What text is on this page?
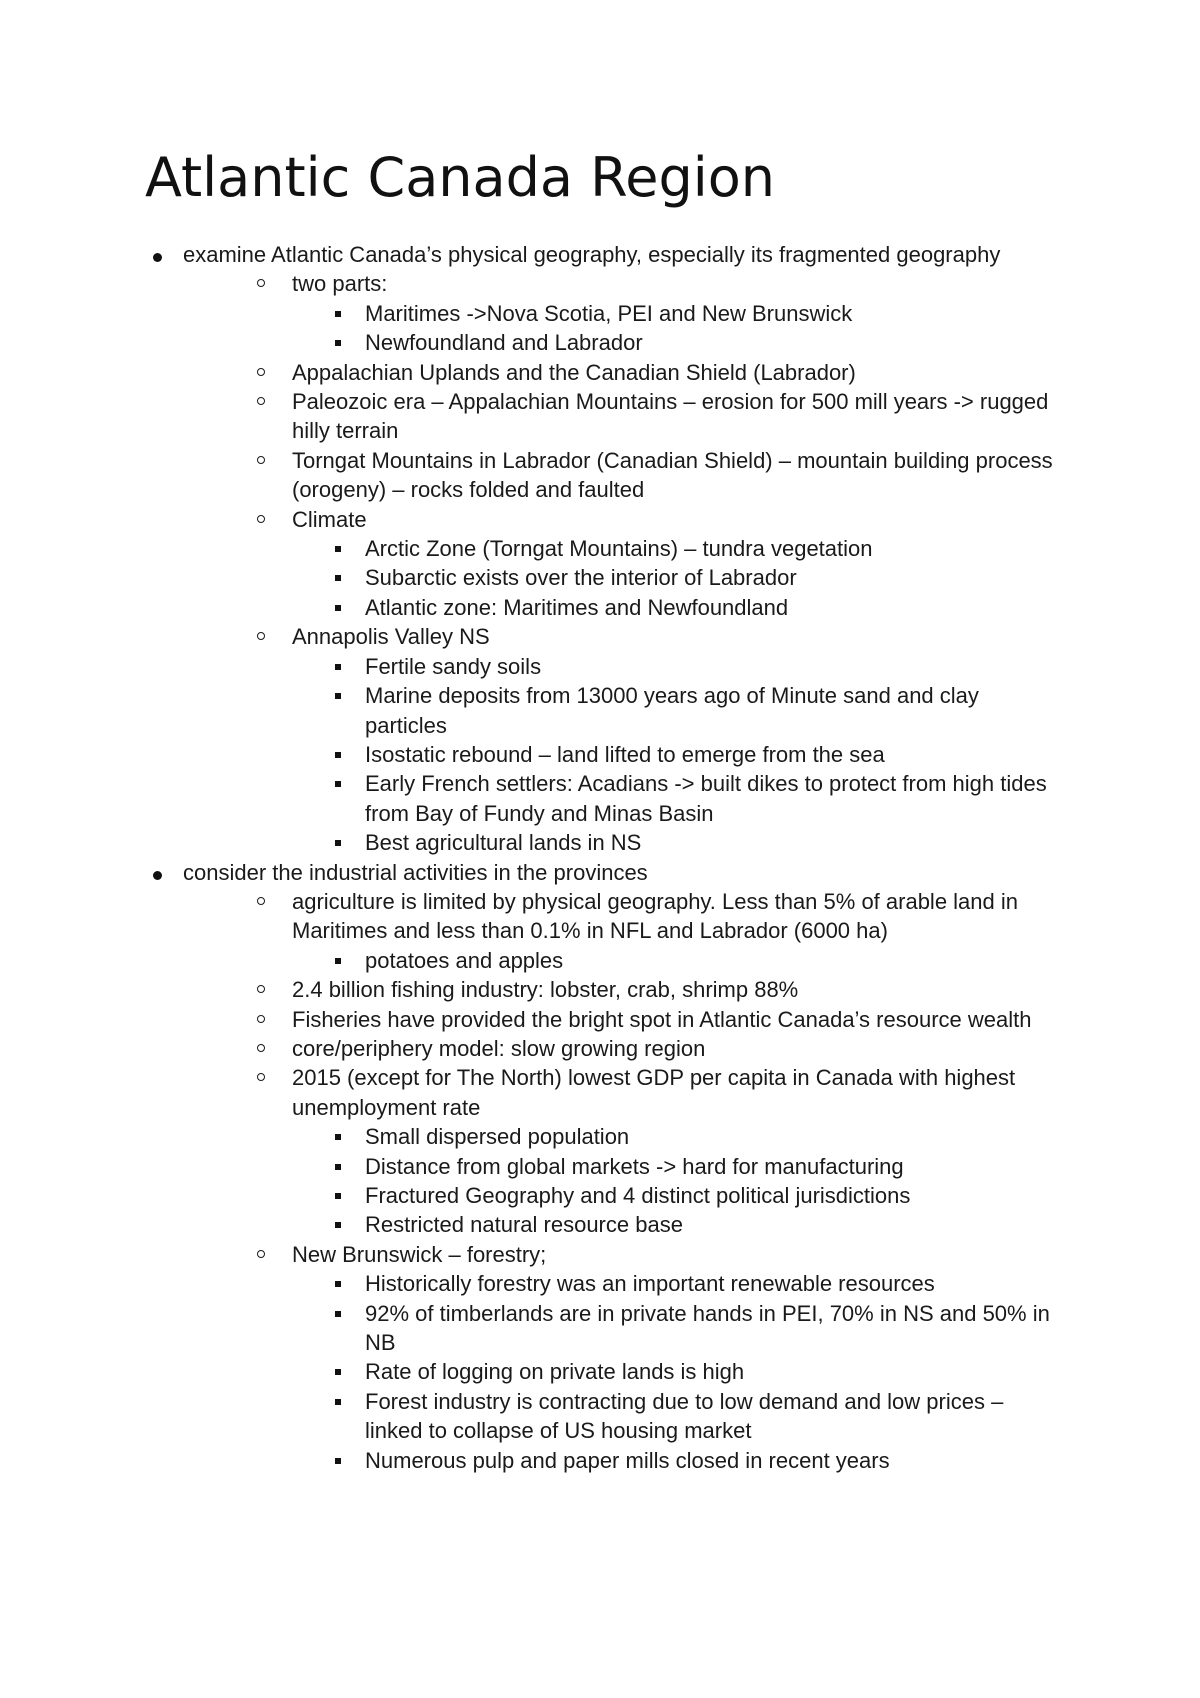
Atlantic Canada Region
examine Atlantic Canada’s physical geography, especially its fragmented geography
two parts:
Maritimes ->Nova Scotia, PEI and New Brunswick
Newfoundland and Labrador
Appalachian Uplands and the Canadian Shield (Labrador)
Paleozoic era – Appalachian Mountains – erosion for 500 mill years -> rugged hilly terrain
Torngat Mountains in Labrador (Canadian Shield) – mountain building process (orogeny) – rocks folded and faulted
Climate
Arctic Zone (Torngat Mountains) – tundra vegetation
Subarctic exists over the interior of Labrador
Atlantic zone: Maritimes and Newfoundland
Annapolis Valley NS
Fertile sandy soils
Marine deposits from 13000 years ago of Minute sand and clay particles
Isostatic rebound – land lifted to emerge from the sea
Early French settlers: Acadians -> built dikes to protect from high tides from Bay of Fundy and Minas Basin
Best agricultural lands in NS
consider the industrial activities in the provinces
agriculture is limited by physical geography. Less than 5% of arable land in Maritimes and less than 0.1% in NFL and Labrador (6000 ha)
potatoes and apples
2.4 billion fishing industry: lobster, crab, shrimp 88%
Fisheries have provided the bright spot in Atlantic Canada’s resource wealth
core/periphery model: slow growing region
2015 (except for The North) lowest GDP per capita in Canada with highest unemployment rate
Small dispersed population
Distance from global markets -> hard for manufacturing
Fractured Geography and 4 distinct political jurisdictions
Restricted natural resource base
New Brunswick – forestry;
Historically forestry was an important renewable resources
92% of timberlands are in private hands in PEI, 70% in NS and 50% in NB
Rate of logging on private lands is high
Forest industry is contracting due to low demand and low prices – linked to collapse of US housing market
Numerous pulp and paper mills closed in recent years
